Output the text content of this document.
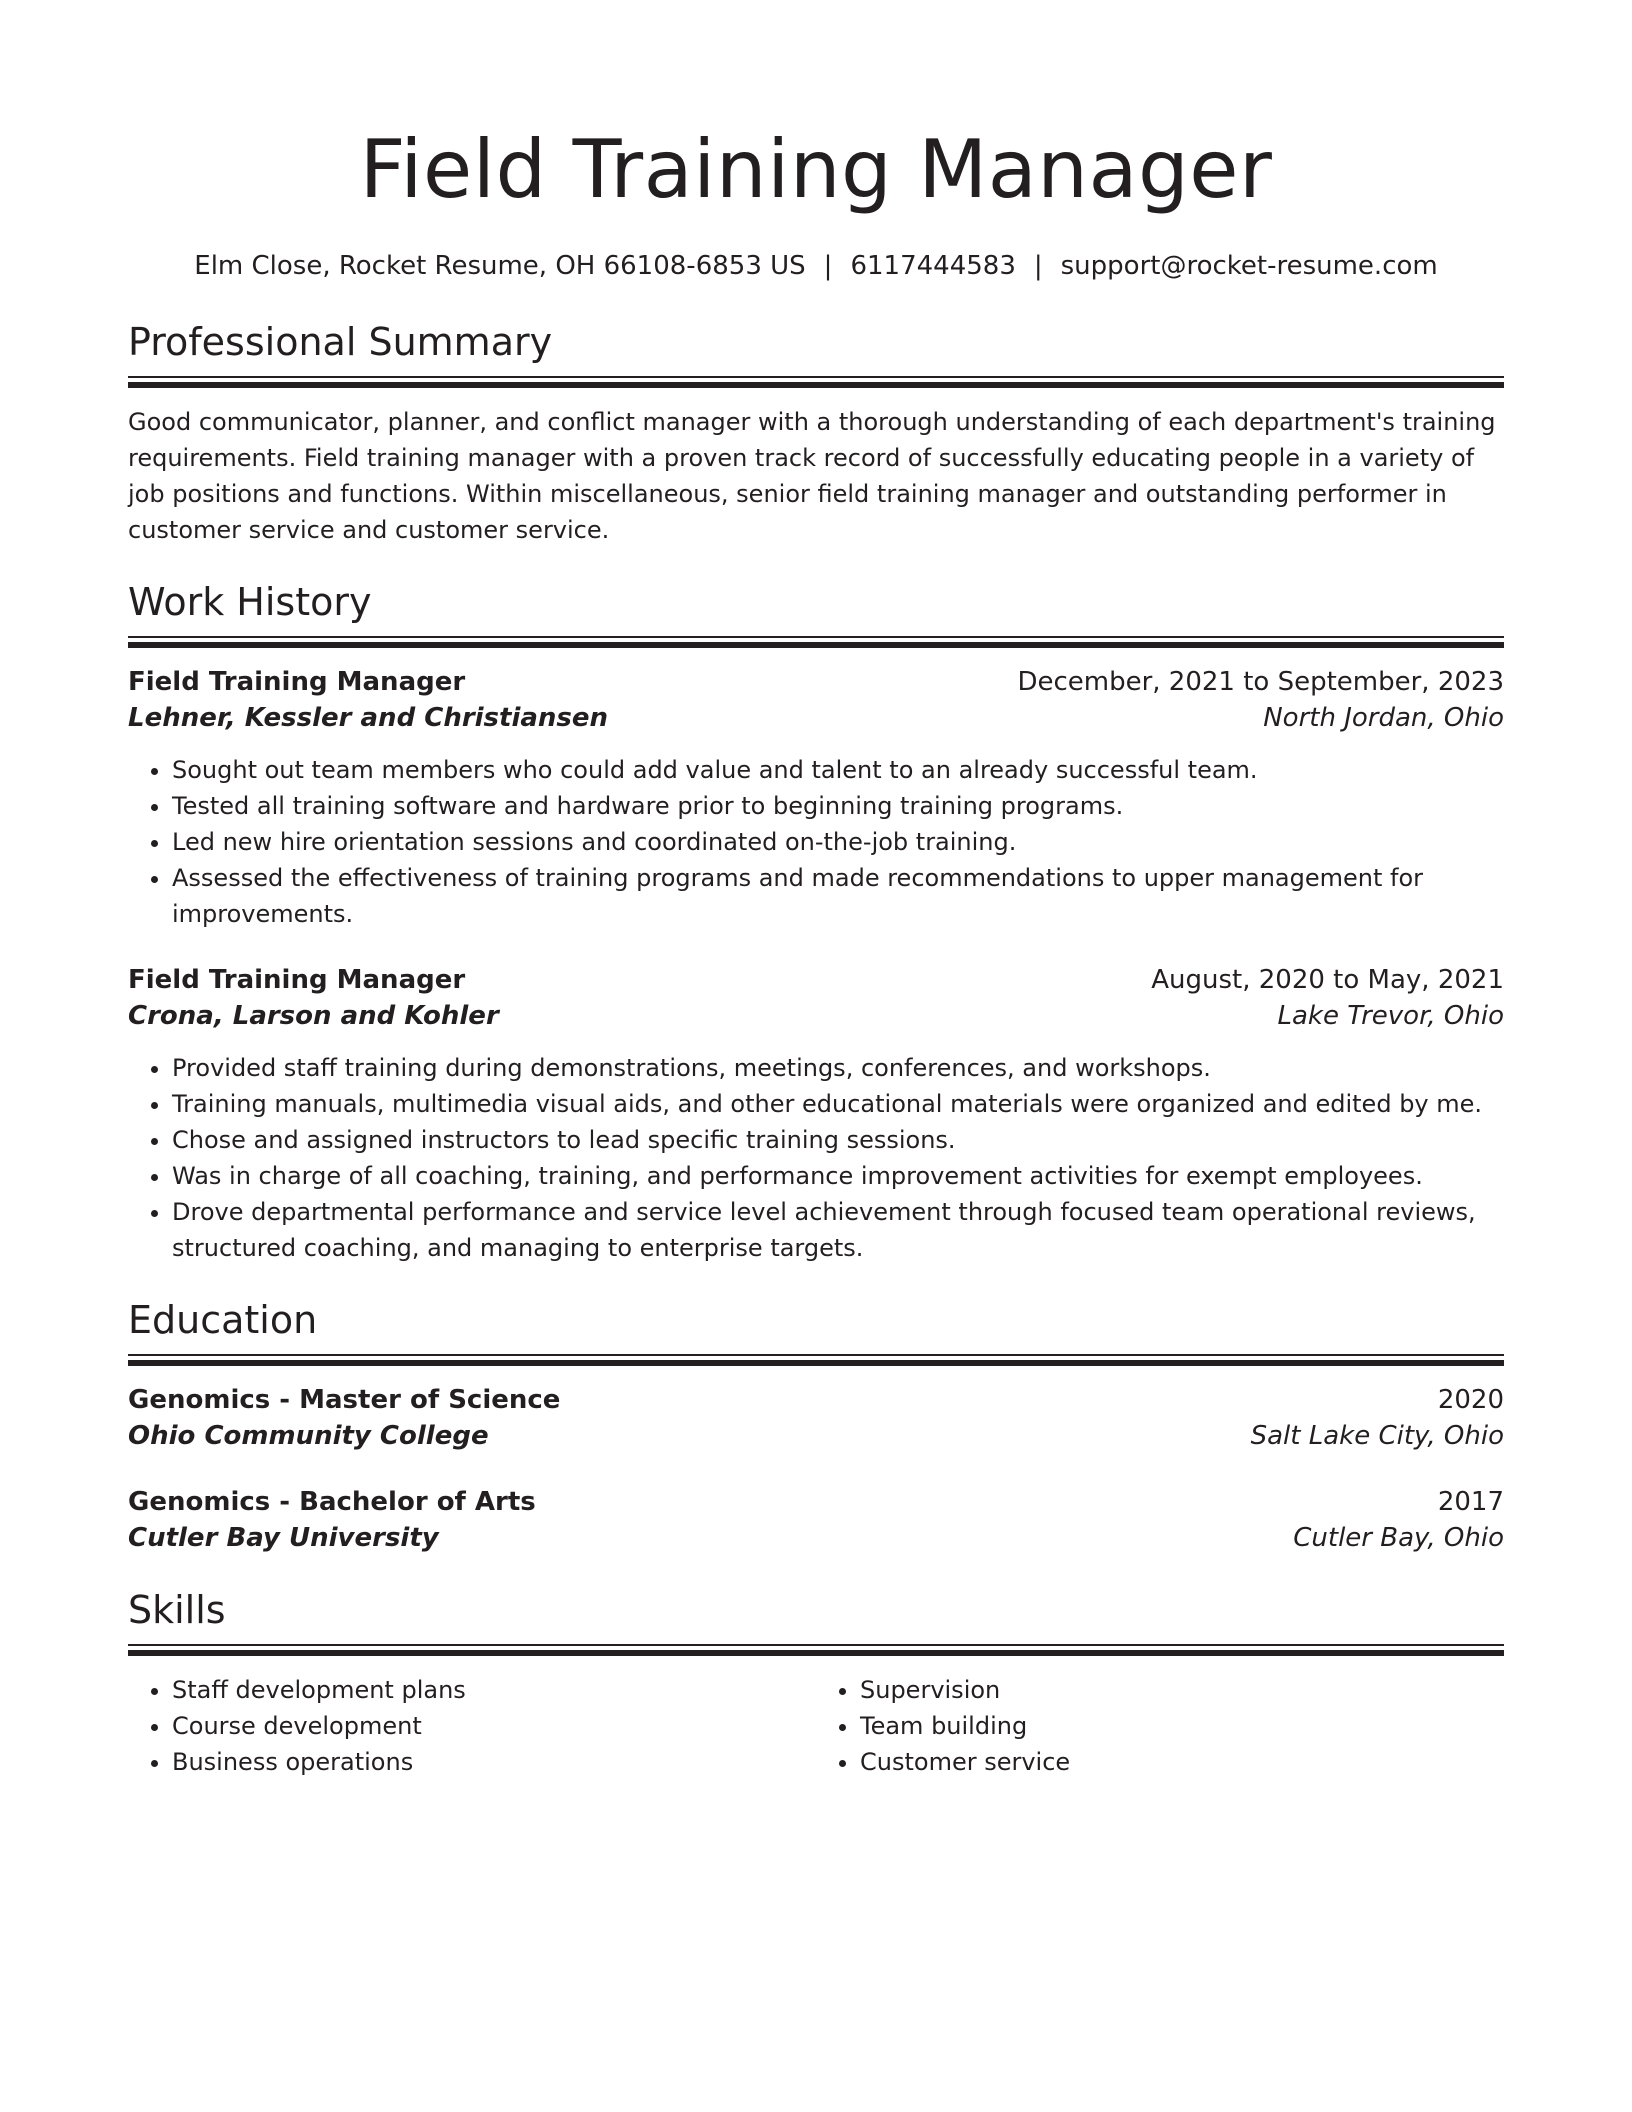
Field Training Manager
Elm Close, Rocket Resume, OH 66108-6853 US | 6117444583 | support@rocket-resume.com
Professional Summary
Good communicator, planner, and conflict manager with a thorough understanding of each department's training requirements. Field training manager with a proven track record of successfully educating people in a variety of job positions and functions. Within miscellaneous, senior field training manager and outstanding performer in customer service and customer service.
Work History
Field Training Manager	December, 2021 to September, 2023
Lehner, Kessler and Christiansen	North Jordan, Ohio
• Sought out team members who could add value and talent to an already successful team.
• Tested all training software and hardware prior to beginning training programs.
• Led new hire orientation sessions and coordinated on-the-job training.
• Assessed the effectiveness of training programs and made recommendations to upper management for improvements.
Field Training Manager	August, 2020 to May, 2021
Crona, Larson and Kohler	Lake Trevor, Ohio
• Provided staff training during demonstrations, meetings, conferences, and workshops.
• Training manuals, multimedia visual aids, and other educational materials were organized and edited by me.
• Chose and assigned instructors to lead specific training sessions.
• Was in charge of all coaching, training, and performance improvement activities for exempt employees.
• Drove departmental performance and service level achievement through focused team operational reviews, structured coaching, and managing to enterprise targets.
Education
Genomics - Master of Science	2020
Ohio Community College	Salt Lake City, Ohio
Genomics - Bachelor of Arts	2017
Cutler Bay University	Cutler Bay, Ohio
Skills
• Staff development plans
• Course development
• Business operations
• Supervision
• Team building
• Customer service
